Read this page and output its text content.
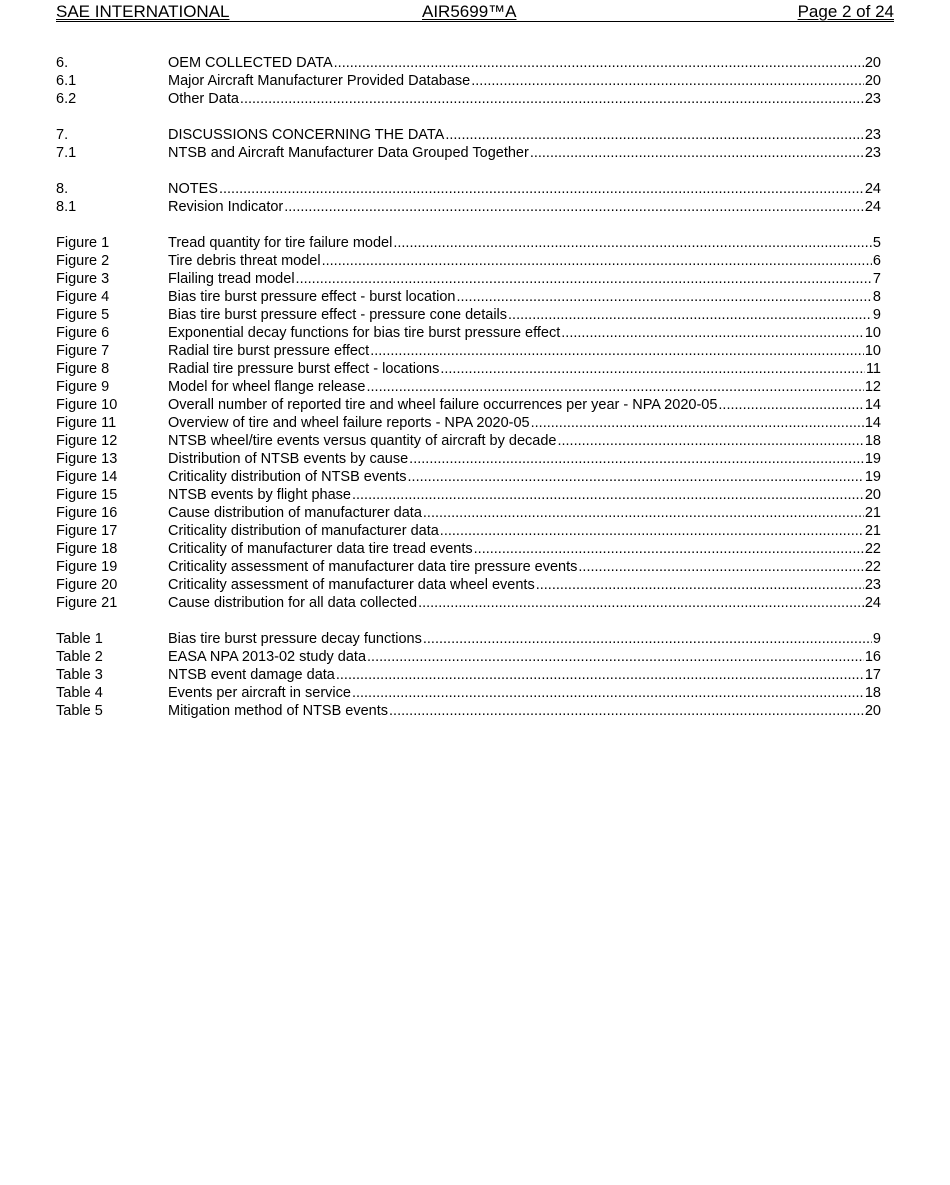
SAE INTERNATIONAL	AIR5699™A	Page 2 of 24
6.	OEM COLLECTED DATA .....	20
6.1	Major Aircraft Manufacturer Provided Database .....	20
6.2	Other Data .....	23
7.	DISCUSSIONS CONCERNING THE DATA .....	23
7.1	NTSB and Aircraft Manufacturer Data Grouped Together .....	23
8.	NOTES .....	24
8.1	Revision Indicator .....	24
Figure 1	Tread quantity for tire failure model .....	5
Figure 2	Tire debris threat model .....	6
Figure 3	Flailing tread model .....	7
Figure 4	Bias tire burst pressure effect - burst location .....	8
Figure 5	Bias tire burst pressure effect - pressure cone details .....	9
Figure 6	Exponential decay functions for bias tire burst pressure effect .....	10
Figure 7	Radial tire burst pressure effect .....	10
Figure 8	Radial tire pressure burst effect - locations .....	11
Figure 9	Model for wheel flange release .....	12
Figure 10	Overall number of reported tire and wheel failure occurrences per year - NPA 2020-05 .....	14
Figure 11	Overview of tire and wheel failure reports - NPA 2020-05 .....	14
Figure 12	NTSB wheel/tire events versus quantity of aircraft by decade .....	18
Figure 13	Distribution of NTSB events by cause .....	19
Figure 14	Criticality distribution of NTSB events .....	19
Figure 15	NTSB events by flight phase .....	20
Figure 16	Cause distribution of manufacturer data .....	21
Figure 17	Criticality distribution of manufacturer data .....	21
Figure 18	Criticality of manufacturer data tire tread events .....	22
Figure 19	Criticality assessment of manufacturer data tire pressure events .....	22
Figure 20	Criticality assessment of manufacturer data wheel events .....	23
Figure 21	Cause distribution for all data collected .....	24
Table 1	Bias tire burst pressure decay functions .....	9
Table 2	EASA NPA 2013-02 study data .....	16
Table 3	NTSB event damage data .....	17
Table 4	Events per aircraft in service .....	18
Table 5	Mitigation method of NTSB events .....	20
